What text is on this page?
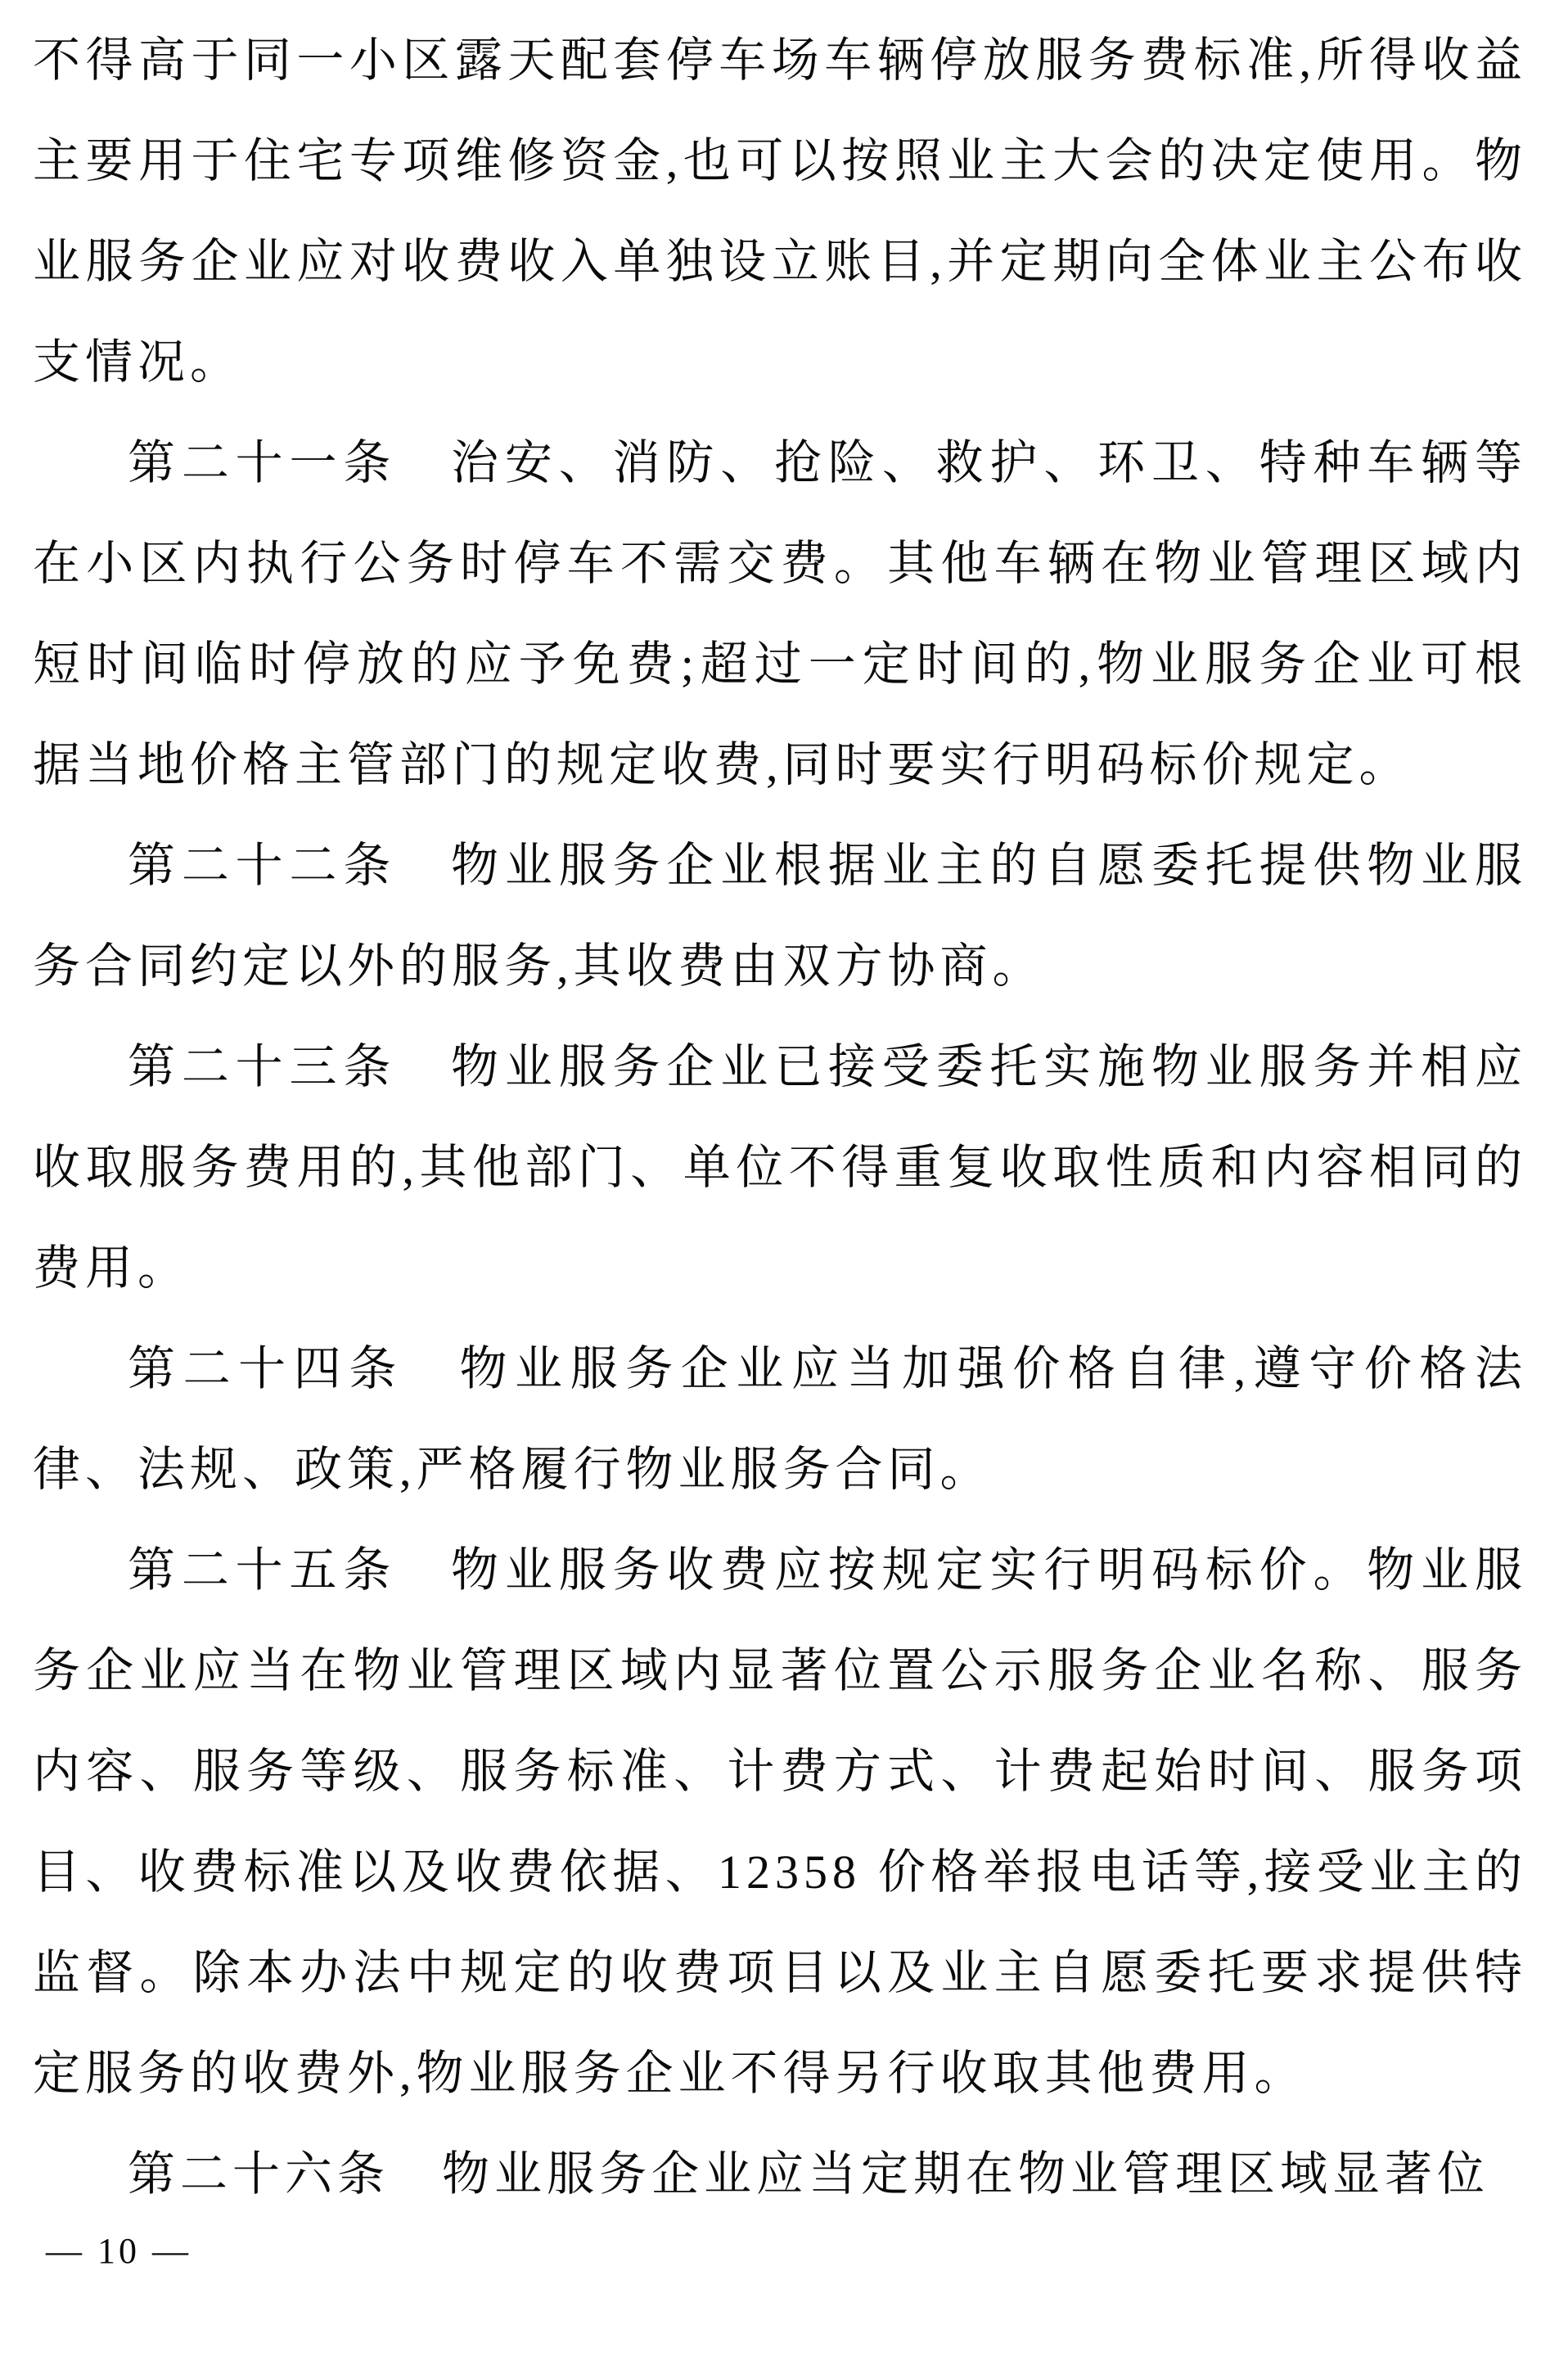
不得高于同一小区露天配套停车场车辆停放服务费标准,所得收益主要用于住宅专项维修资金,也可以按照业主大会的决定使用。物业服务企业应对收费收入单独设立账目,并定期向全体业主公布收支情况。

第二十一条　治安、消防、抢险、救护、环卫、特种车辆等在小区内执行公务时停车不需交费。其他车辆在物业管理区域内短时间临时停放的应予免费;超过一定时间的,物业服务企业可根据当地价格主管部门的规定收费,同时要实行明码标价规定。

第二十二条　物业服务企业根据业主的自愿委托提供物业服务合同约定以外的服务,其收费由双方协商。

第二十三条　物业服务企业已接受委托实施物业服务并相应收取服务费用的,其他部门、单位不得重复收取性质和内容相同的费用。

第二十四条　物业服务企业应当加强价格自律,遵守价格法律、法规、政策,严格履行物业服务合同。

第二十五条　物业服务收费应按规定实行明码标价。物业服务企业应当在物业管理区域内显著位置公示服务企业名称、服务内容、服务等级、服务标准、计费方式、计费起始时间、服务项目、收费标准以及收费依据、12358 价格举报电话等,接受业主的监督。除本办法中规定的收费项目以及业主自愿委托要求提供特定服务的收费外,物业服务企业不得另行收取其他费用。

第二十六条　物业服务企业应当定期在物业管理区域显著位

— 10 —
